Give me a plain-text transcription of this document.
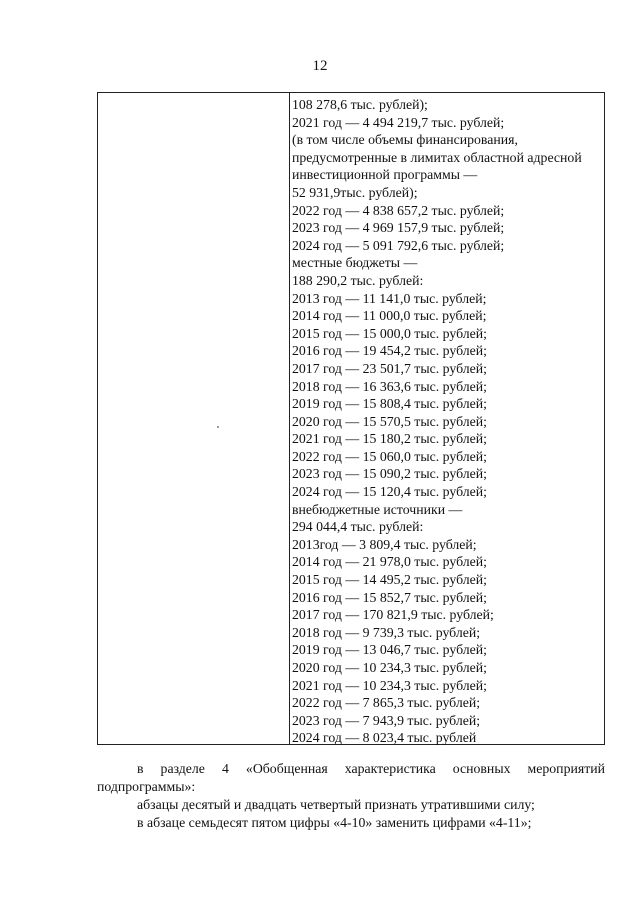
12
108 278,6 тыс. рублей);
2021 год — 4 494 219,7 тыс. рублей;
(в том числе объемы финансирования,
предусмотренные в лимитах областной адресной
инвестиционной программы —
52 931,9тыс. рублей);
2022 год — 4 838 657,2 тыс. рублей;
2023 год — 4 969 157,9 тыс. рублей;
2024 год — 5 091 792,6 тыс. рублей;
местные бюджеты —
188 290,2 тыс. рублей:
2013 год — 11 141,0 тыс. рублей;
2014 год — 11 000,0 тыс. рублей;
2015 год — 15 000,0 тыс. рублей;
2016 год — 19 454,2 тыс. рублей;
2017 год — 23 501,7 тыс. рублей;
2018 год — 16 363,6 тыс. рублей;
2019 год — 15 808,4 тыс. рублей;
2020 год — 15 570,5 тыс. рублей;
2021 год — 15 180,2 тыс. рублей;
2022 год — 15 060,0 тыс. рублей;
2023 год — 15 090,2 тыс. рублей;
2024 год — 15 120,4 тыс. рублей;
внебюджетные источники —
294 044,4 тыс. рублей:
2013год — 3 809,4 тыс. рублей;
2014 год — 21 978,0 тыс. рублей;
2015 год — 14 495,2 тыс. рублей;
2016 год — 15 852,7 тыс. рублей;
2017 год — 170 821,9 тыс. рублей;
2018 год — 9 739,3 тыс. рублей;
2019 год — 13 046,7 тыс. рублей;
2020 год — 10 234,3 тыс. рублей;
2021 год — 10 234,3 тыс. рублей;
2022 год — 7 865,3 тыс. рублей;
2023 год — 7 943,9 тыс. рублей;
2024 год — 8 023,4 тыс. рублей
в разделе 4 «Обобщенная характеристика основных мероприятий
подпрограммы»:
абзацы десятый и двадцать четвертый признать утратившими силу;
в абзаце семьдесят пятом цифры «4-10» заменить цифрами «4-11»;
